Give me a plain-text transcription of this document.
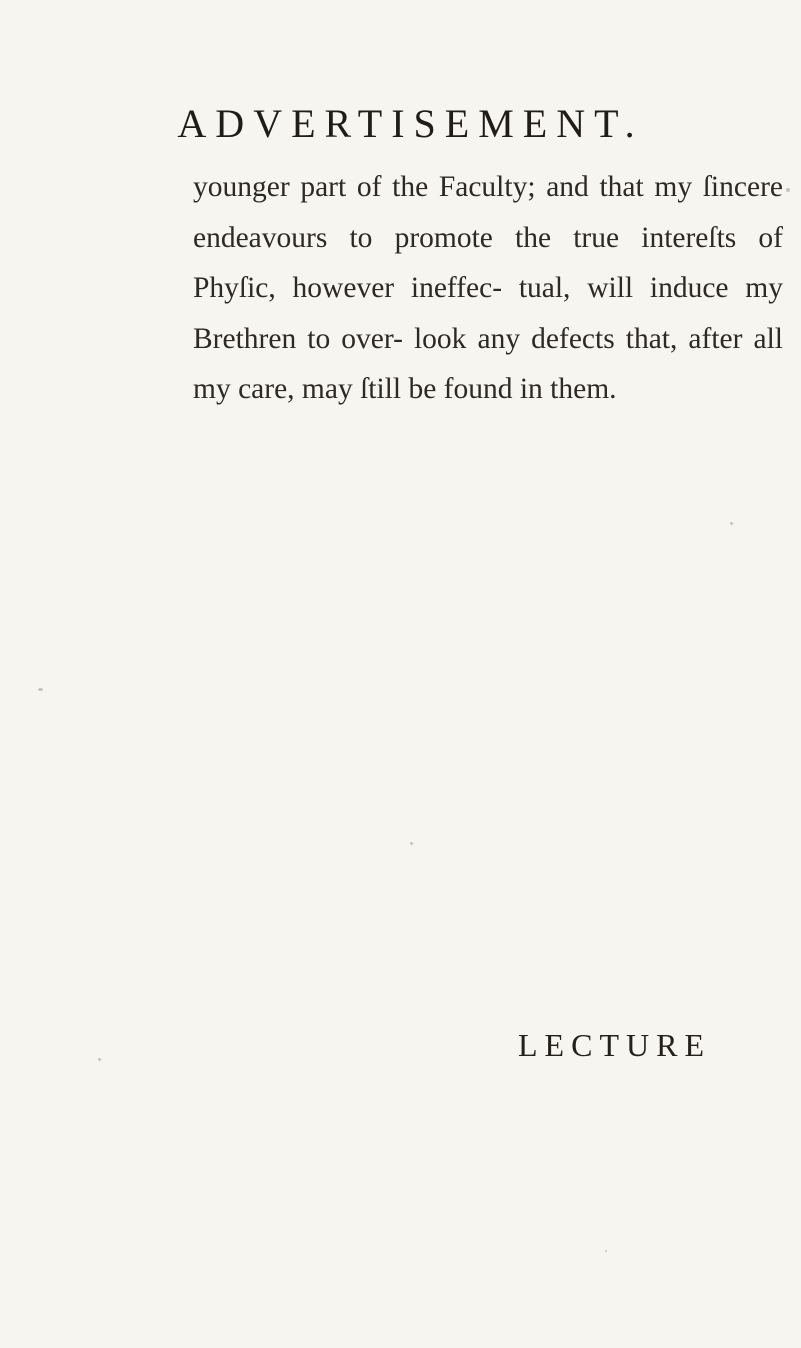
ADVERTISEMENT.

younger part of the Faculty; and that my ſincere endeavours to promote the true intereſts of Phyſic, however ineffec- tual, will induce my Brethren to over- look any defects that, after all my care, may ſtill be found in them.

LECTURE
